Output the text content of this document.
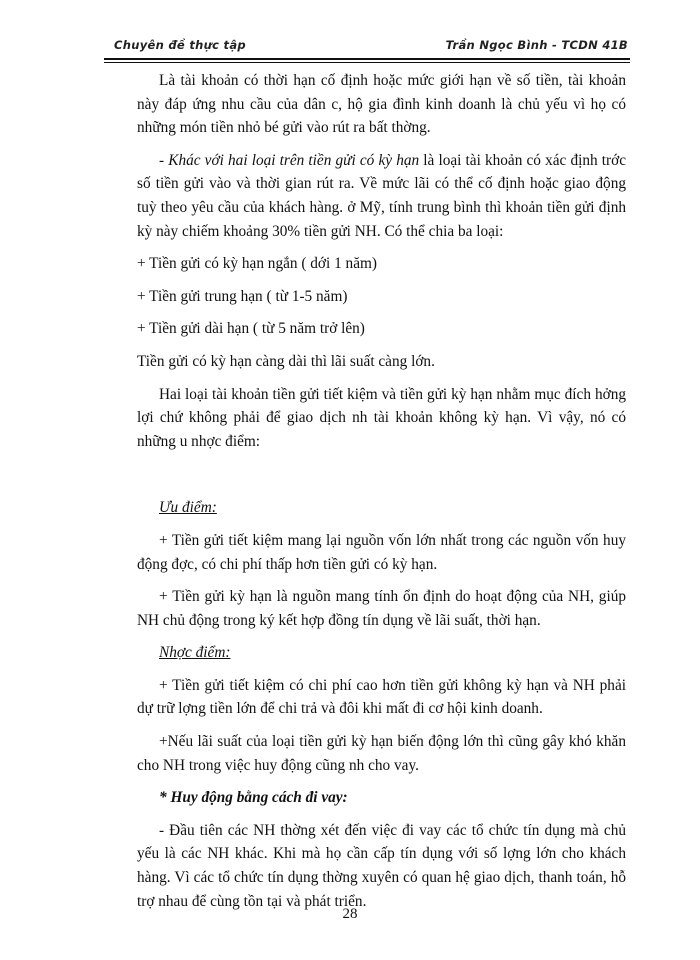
Chuyên đề thực tập	Trần Ngọc Bình - TCDN 41B

Là tài khoản có thời hạn cố định hoặc mức giới hạn về số tiền, tài khoản này đáp ứng nhu cầu của dân c, hộ gia đình kinh doanh là chủ yếu vì họ có những món tiền nhỏ bé gửi vào rút ra bất thờng.

- Khác với hai loại trên tiền gửi có kỳ hạn là loại tài khoản có xác định trớc số tiền gửi vào và thời gian rút ra. Về mức lãi có thể cố định hoặc giao động tuỳ theo yêu cầu của khách hàng. ở Mỹ, tính trung bình thì khoản tiền gửi định kỳ này chiếm khoảng 30% tiền gửi NH. Có thể chia ba loại:

+ Tiền gửi có kỳ hạn ngắn ( dới 1 năm)

+ Tiền gửi trung hạn ( từ 1-5 năm)

+ Tiền gửi dài hạn ( từ 5 năm trở lên)

Tiền gửi có kỳ hạn càng dài thì lãi suất càng lớn.

Hai loại tài khoản tiền gửi tiết kiệm và tiền gửi kỳ hạn nhằm mục đích hởng lợi chứ không phải để giao dịch nh tài khoản không kỳ hạn. Vì vậy, nó có những u nhợc điểm:

Ưu điểm:

+ Tiền gửi tiết kiệm mang lại nguồn vốn lớn nhất trong các nguồn vốn huy động đợc, có chi phí thấp hơn tiền gửi có kỳ hạn.

+ Tiền gửi kỳ hạn là nguồn mang tính ổn định do hoạt động của NH, giúp NH chủ động trong ký kết hợp đồng tín dụng về lãi suất, thời hạn.

Nhợc điểm:

+ Tiền gửi tiết kiệm có chi phí cao hơn tiền gửi không kỳ hạn và NH phải dự trữ lợng tiền lớn để chi trả và đôi khi mất đi cơ hội kinh doanh.

+Nếu lãi suất của loại tiền gửi kỳ hạn biến động lớn thì cũng gây khó khăn cho NH trong việc huy động cũng nh cho vay.

* Huy động bằng cách đi vay:

- Đầu tiên các NH thờng xét đến việc đi vay các tổ chức tín dụng mà chủ yếu là các NH khác. Khi mà họ cần cấp tín dụng với số lợng lớn cho khách hàng. Vì các tổ chức tín dụng thờng xuyên có quan hệ giao dịch, thanh toán, hỗ trợ nhau để cùng tồn tại và phát triển.

28
